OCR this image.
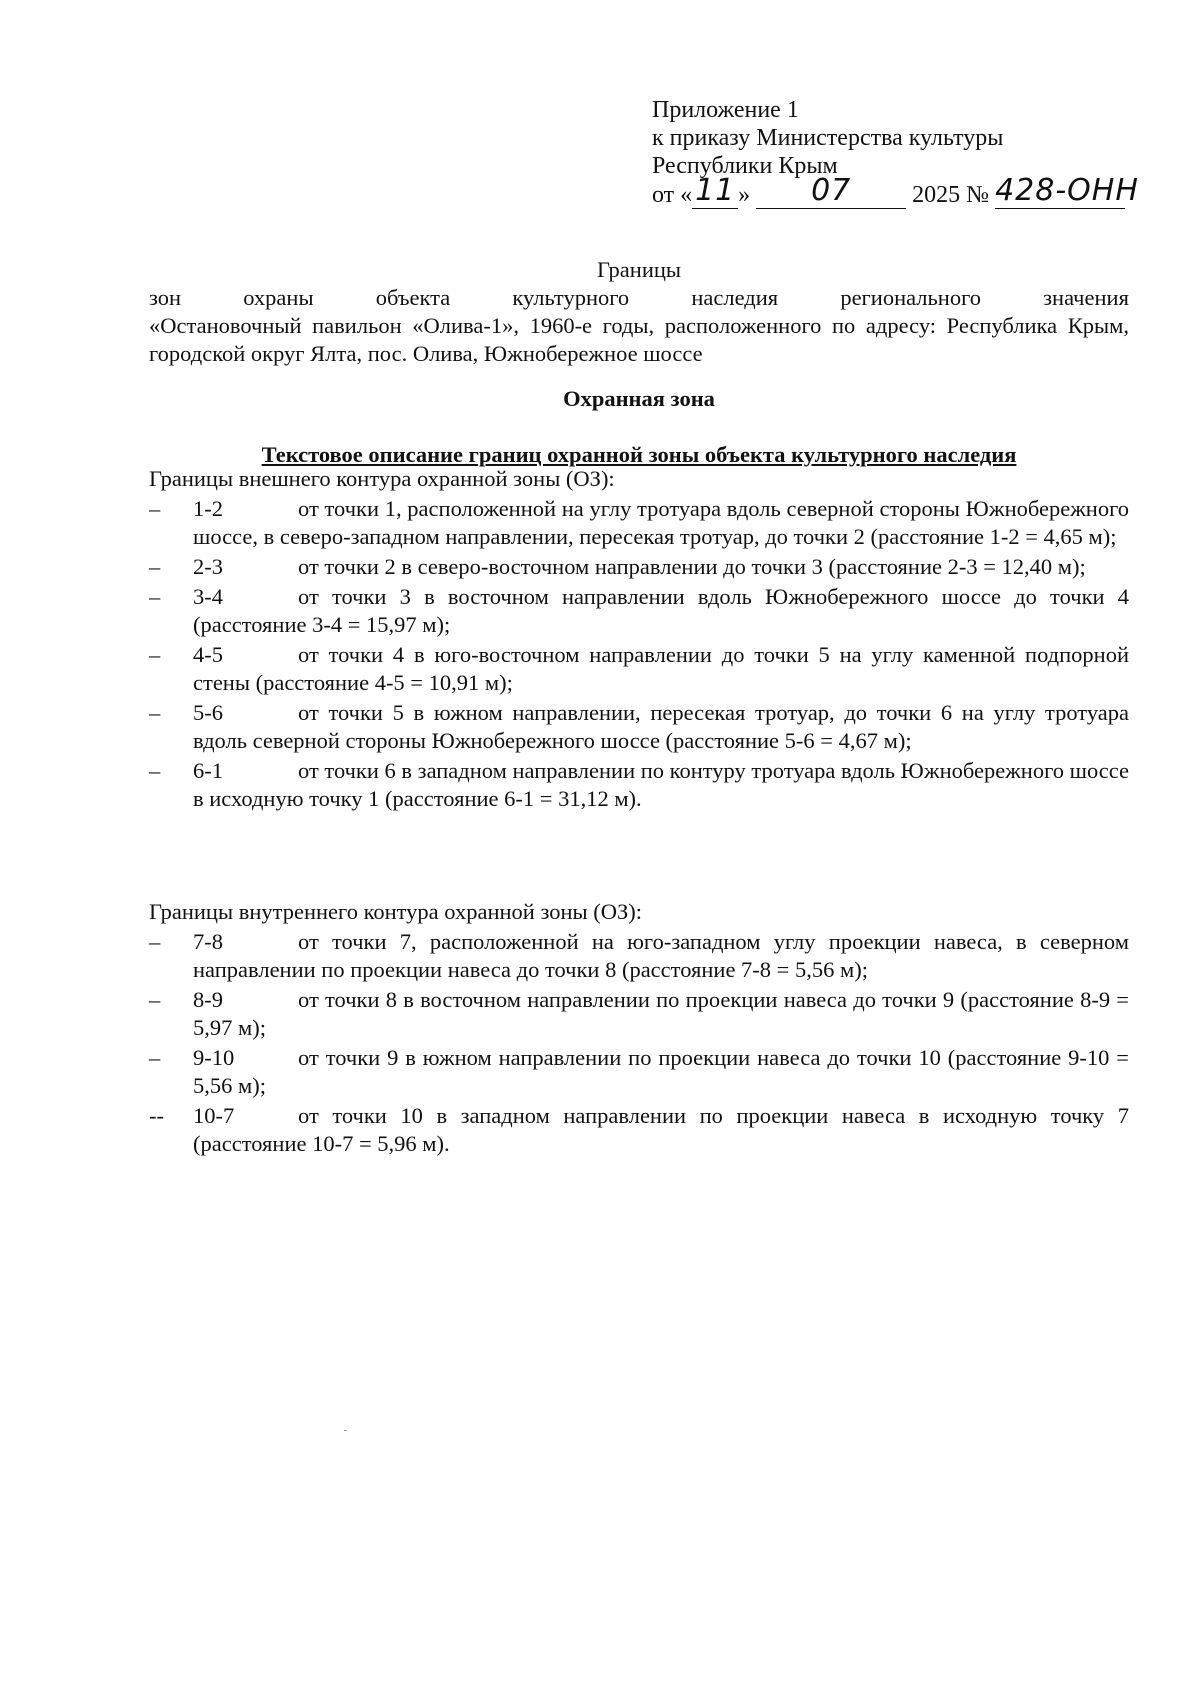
Приложение 1
к приказу Министерства культуры
Республики Крым
от «11 » 07	2025 № 428-ОНН
Границы
зон	охраны	объекта	культурного	наследия	регионального	значения
«Остановочный павильон «Олива-1», 1960-е годы, расположенного по адресу: Республика Крым, городской округ Ялта, пос. Олива, Южнобережное шоссе
Охранная зона
Текстовое описание границ охранной зоны объекта культурного наследия
Границы внешнего контура охранной зоны (ОЗ):
–	1-2	от точки 1, расположенной на углу тротуара вдоль северной стороны Южнобережного шоссе, в северо-западном направлении, пересекая тротуар, до точки 2 (расстояние 1-2 = 4,65 м);
–	2-3	от точки 2 в северо-восточном направлении до точки 3 (расстояние 2-3 = 12,40 м);
–	3-4	от точки 3 в восточном направлении вдоль Южнобережного шоссе до точки 4 (расстояние 3-4 = 15,97 м);
–	4-5	от точки 4 в юго-восточном направлении до точки 5 на углу каменной подпорной стены (расстояние 4-5 = 10,91 м);
–	5-6	от точки 5 в южном направлении, пересекая тротуар, до точки 6 на углу тротуара вдоль северной стороны Южнобережного шоссе (расстояние 5-6 = 4,67 м);
–	6-1	от точки 6 в западном направлении по контуру тротуара вдоль Южнобережного шоссе в исходную точку 1 (расстояние 6-1 = 31,12 м).
Границы внутреннего контура охранной зоны (ОЗ):
–	7-8	от точки 7, расположенной на юго-западном углу проекции навеса, в северном направлении по проекции навеса до точки 8 (расстояние 7-8 = 5,56 м);
–	8-9	от точки 8 в восточном направлении по проекции навеса до точки 9 (расстояние 8-9 = 5,97 м);
–	9-10	от точки 9 в южном направлении по проекции навеса до точки 10 (расстояние 9-10 = 5,56 м);
--	10-7	от точки 10 в западном направлении по проекции навеса в исходную точку 7 (расстояние 10-7 = 5,96 м).
